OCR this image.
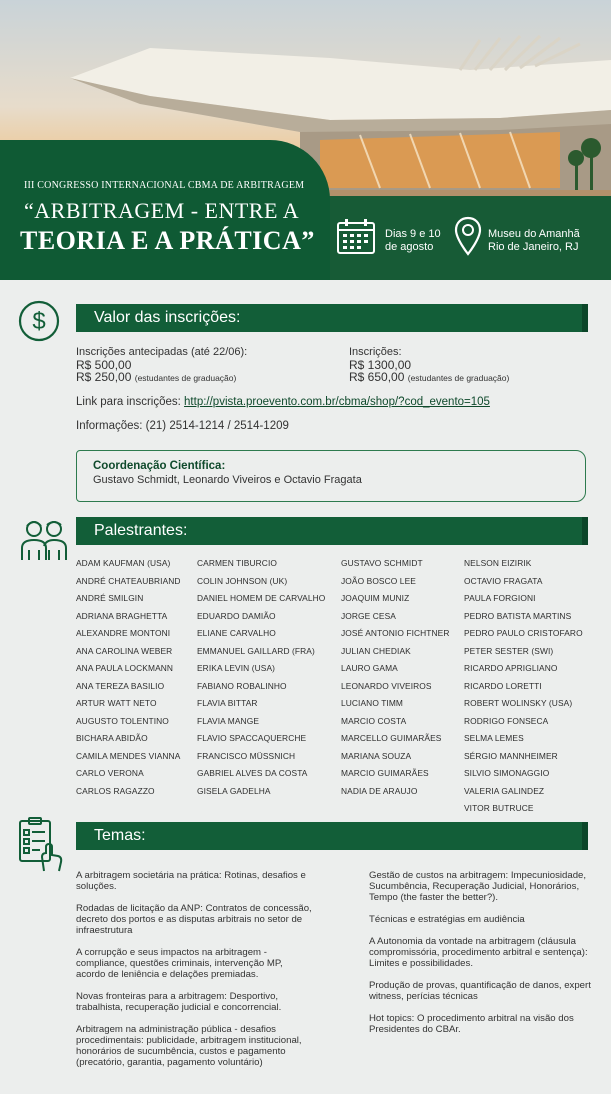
III CONGRESSO INTERNACIONAL CBMA DE ARBITRAGEM
“ARBITRAGEM - ENTRE A
TEORIA E A PRÁTICA”	Dias 9 e 10 de agosto
Museu do Amanhã
Rio de Janeiro, RJ
$	Valor das inscrições:
Inscrições antecipadas (até 22/06):
R$ 500,00
R$ 250,00 (estudantes de graduação)
Inscrições:
R$ 1300,00
R$ 650,00 (estudantes de graduação)
Link para inscrições: http://pvista.proevento.com.br/cbma/shop/?cod_evento=105
Informações: (21) 2514-1214 / 2514-1209
Coordenação Científica:
Gustavo Schmidt, Leonardo Viveiros e Octavio Fragata
Palestrantes:
ADAM KAUFMAN (USA)
ANDRÉ CHATEAUBRIAND
ANDRÉ SMILGIN
ADRIANA BRAGHETTA
ALEXANDRE MONTONI
ANA CAROLINA WEBER
ANA PAULA LOCKMANN
ANA TEREZA BASILIO
ARTUR WATT NETO
AUGUSTO TOLENTINO
BICHARA ABIDÃO
CAMILA MENDES VIANNA
CARLO VERONA
CARLOS RAGAZZO
CARMEN TIBURCIO
COLIN JOHNSON (UK)
DANIEL HOMEM DE CARVALHO
EDUARDO DAMIÃO
ELIANE CARVALHO
EMMANUEL GAILLARD (FRA)
ERIKA LEVIN (USA)
FABIANO ROBALINHO
FLAVIA BITTAR
FLAVIA MANGE
FLAVIO SPACCAQUERCHE
FRANCISCO MÜSSNICH
GABRIEL ALVES DA COSTA
GISELA GADELHA
GUSTAVO SCHMIDT
JOÃO BOSCO LEE
JOAQUIM MUNIZ
JORGE CESA
JOSÉ ANTONIO FICHTNER
JULIAN CHEDIAK
LAURO GAMA
LEONARDO VIVEIROS
LUCIANO TIMM
MARCIO COSTA
MARCELLO GUIMARÃES
MARIANA SOUZA
MARCIO GUIMARÃES
NADIA DE ARAUJO
NELSON EIZIRIK
OCTAVIO FRAGATA
PAULA FORGIONI
PEDRO BATISTA MARTINS
PEDRO PAULO CRISTOFARO
PETER SESTER (SWI)
RICARDO APRIGLIANO
RICARDO LORETTI
ROBERT WOLINSKY (USA)
RODRIGO FONSECA
SELMA LEMES
SÉRGIO MANNHEIMER
SILVIO SIMONAGGIO
VALERIA GALINDEZ
VITOR BUTRUCE
Temas:

A arbitragem societária na prática: Rotinas, desafios e soluções.

Rodadas de licitação da ANP: Contratos de concessão, decreto dos portos e as disputas arbitrais no setor de infraestrutura

A corrupção e seus impactos na arbitragem - compliance, questões criminais, intervenção MP, acordo de leniência e delações premiadas.

Novas fronteiras para a arbitragem: Desportivo, trabalhista, recuperação judicial e concorrencial.

Arbitragem na administração pública - desafios procedimentais: publicidade, arbitragem institucional, honorários de sucumbência, custos e pagamento (precatório, garantia, pagamento voluntário)

Gestão de custos na arbitragem: Impecuniosidade, Sucumbência, Recuperação Judicial, Honorários, Tempo (the faster the better?).

Técnicas e estratégias em audiência

A Autonomia da vontade na arbitragem (cláusula compromissória, procedimento arbitral e sentença): Limites e possibilidades.

Produção de provas, quantificação de danos, expert witness, perícias técnicas

Hot topics: O procedimento arbitral na visão dos Presidentes do CBAr.
